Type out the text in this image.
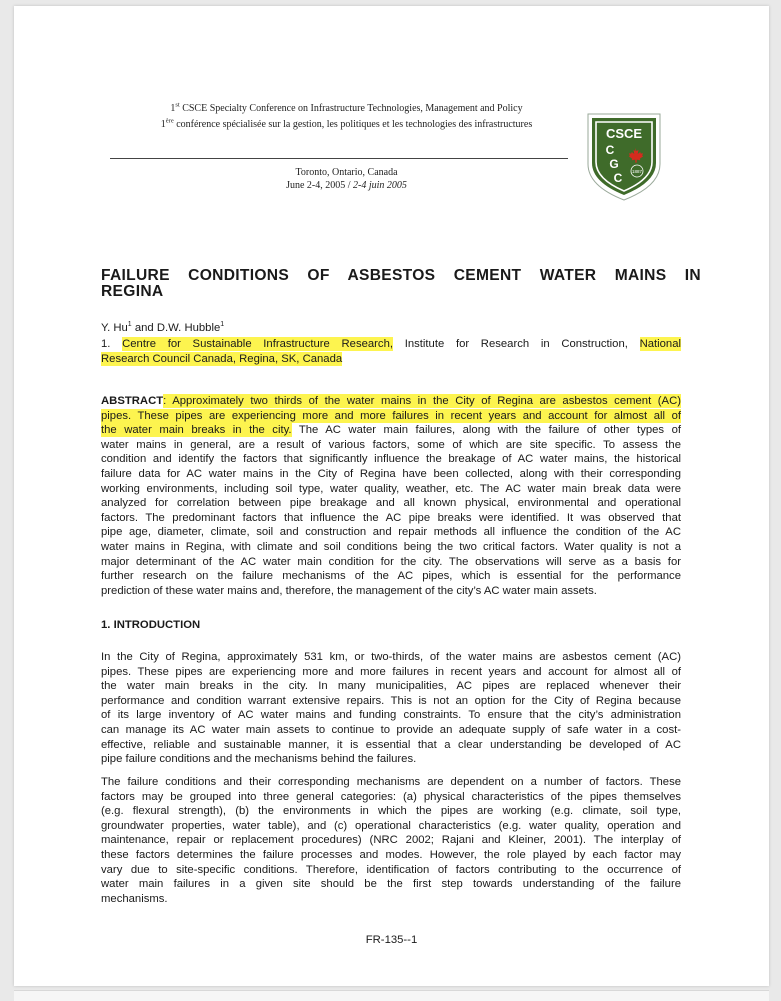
1st CSCE Specialty Conference on Infrastructure Technologies, Management and Policy
1ère conférence spécialisée sur la gestion, les politiques et les technologies des infrastructures
Toronto, Ontario, Canada
June 2-4, 2005 / 2-4 juin 2005
CSCE
C
G
C 1887
FAILURE CONDITIONS OF ASBESTOS CEMENT WATER MAINS IN
REGINA
Y. Hu$^1$ and D.W. Hubble$^1$
1. Centre for Sustainable Infrastructure Research, Institute for Research in Construction, National
Research Council Canada, Regina, SK, Canada
ABSTRACT: Approximately two thirds of the water mains in the City of Regina are asbestos cement (AC)
pipes. These pipes are experiencing more and more failures in recent years and account for almost all of
the water main breaks in the city. The AC water main failures, along with the failure of other types of
water mains in general, are a result of various factors, some of which are site specific. To assess the
condition and identify the factors that significantly influence the breakage of AC water mains, the historical
failure data for AC water mains in the City of Regina have been collected, along with their corresponding
working environments, including soil type, water quality, weather, etc. The AC water main break data were
analyzed for correlation between pipe breakage and all known physical, environmental and operational
factors. The predominant factors that influence the AC pipe breaks were identified. It was observed that
pipe age, diameter, climate, soil and construction and repair methods all influence the condition of the AC
water mains in Regina, with climate and soil conditions being the two critical factors. Water quality is not a
major determinant of the AC water main condition for the city. The observations will serve as a basis for
further research on the failure mechanisms of the AC pipes, which is essential for the performance
prediction of these water mains and, therefore, the management of the city’s AC water main assets.
1. INTRODUCTION
In the City of Regina, approximately 531 km, or two-thirds, of the water mains are asbestos cement (AC)
pipes. These pipes are experiencing more and more failures in recent years and account for almost all of
the water main breaks in the city. In many municipalities, AC pipes are replaced whenever their
performance and condition warrant extensive repairs. This is not an option for the City of Regina because
of its large inventory of AC water mains and funding constraints. To ensure that the city’s administration
can manage its AC water main assets to continue to provide an adequate supply of safe water in a cost-
effective, reliable and sustainable manner, it is essential that a clear understanding be developed of AC
pipe failure conditions and the mechanisms behind the failures.
The failure conditions and their corresponding mechanisms are dependent on a number of factors. These
factors may be grouped into three general categories: (a) physical characteristics of the pipes themselves
(e.g. flexural strength), (b) the environments in which the pipes are working (e.g. climate, soil type,
groundwater properties, water table), and (c) operational characteristics (e.g. water quality, operation and
maintenance, repair or replacement procedures) (NRC 2002; Rajani and Kleiner, 2001). The interplay of
these factors determines the failure processes and modes. However, the role played by each factor may
vary due to site-specific conditions. Therefore, identification of factors contributing to the occurrence of
water main failures in a given site should be the first step towards understanding of the failure
mechanisms.
FR-135--1
